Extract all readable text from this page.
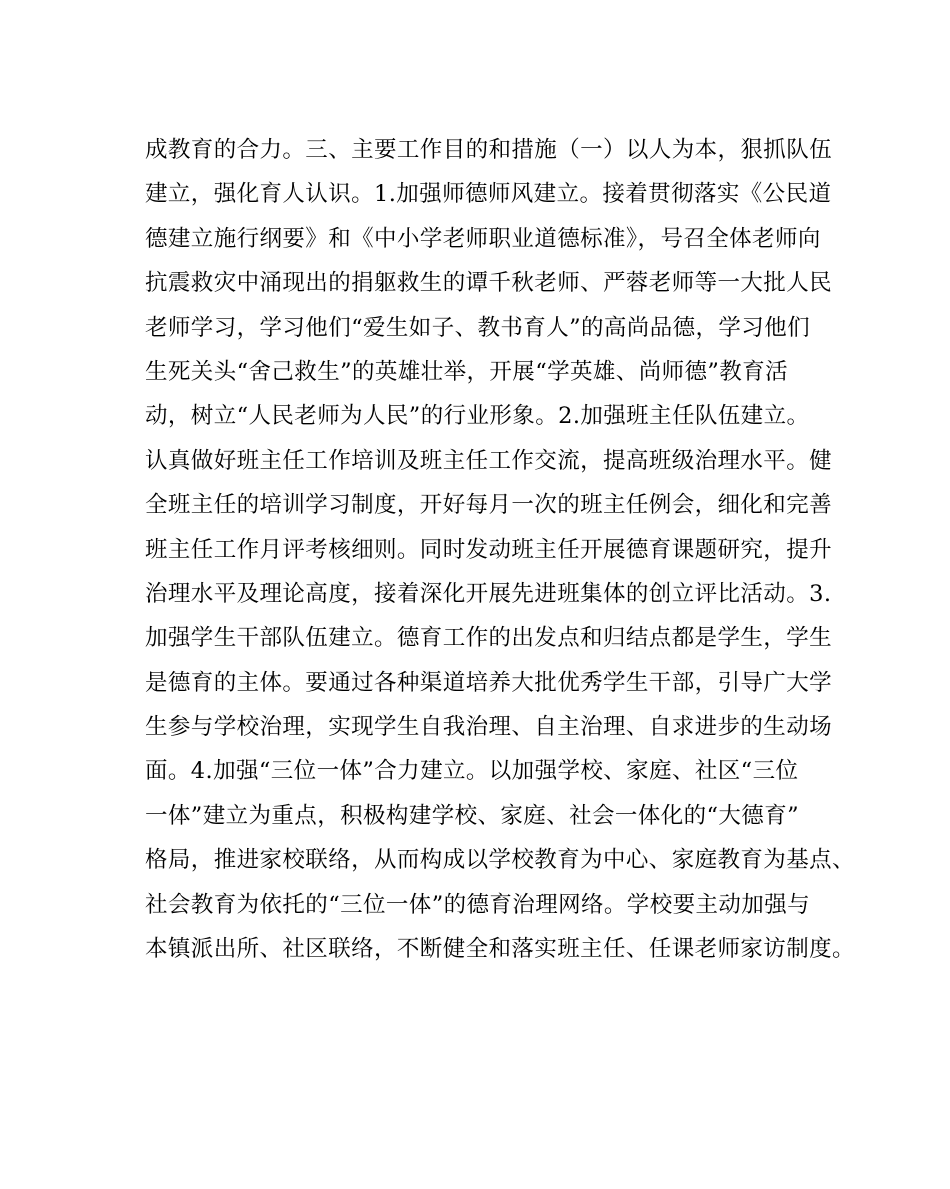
成教育的合力。三、主要工作目的和措施（一）以人为本，狠抓队伍
建立，强化育人认识。1.加强师德师风建立。接着贯彻落实《公民道
德建立施行纲要》和《中小学老师职业道德标准》，号召全体老师向
抗震救灾中涌现出的捐躯救生的谭千秋老师、严蓉老师等一大批人民
老师学习，学习他们“爱生如子、教书育人”的高尚品德，学习他们
生死关头“舍己救生”的英雄壮举，开展“学英雄、尚师德”教育活
动，树立“人民老师为人民”的行业形象。2.加强班主任队伍建立。
认真做好班主任工作培训及班主任工作交流，提高班级治理水平。健
全班主任的培训学习制度，开好每月一次的班主任例会，细化和完善
班主任工作月评考核细则。同时发动班主任开展德育课题研究，提升
治理水平及理论高度，接着深化开展先进班集体的创立评比活动。3.
加强学生干部队伍建立。德育工作的出发点和归结点都是学生，学生
是德育的主体。要通过各种渠道培养大批优秀学生干部，引导广大学
生参与学校治理，实现学生自我治理、自主治理、自求进步的生动场
面。4.加强“三位一体”合力建立。以加强学校、家庭、社区“三位
一体”建立为重点，积极构建学校、家庭、社会一体化的“大德育”
格局，推进家校联络，从而构成以学校教育为中心、家庭教育为基点、
社会教育为依托的“三位一体”的德育治理网络。学校要主动加强与
本镇派出所、社区联络，不断健全和落实班主任、任课老师家访制度。
